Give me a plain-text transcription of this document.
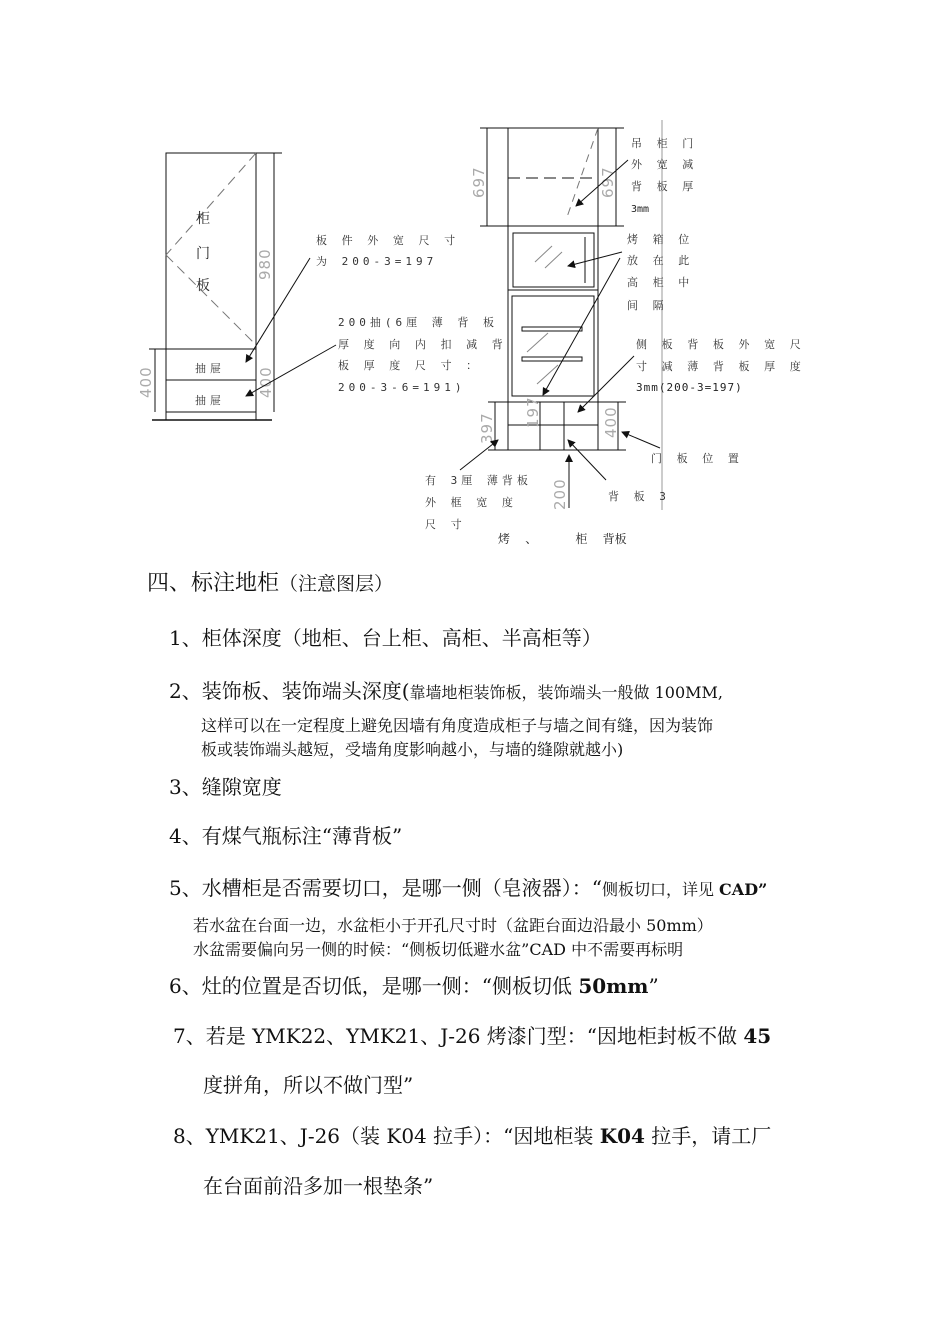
980
400	400
柜
门
板
抽屉
抽屉
板 件 外 宽 尺 寸
为 200-3=197
200抽(6厘 薄 背 板
厚 度 向 内 扣 减 背
板 厚 度 尺 寸 ：
200-3-6=191)
697	697
397
197	400
200
吊 柜 门
外 宽 减
背 板 厚
3mm
烤 箱 位
放 在 此
高 柜 中
间 隔
侧 板 背 板 外 宽 尺
寸 减 薄 背 板 厚 度
3mm(200-3=197)
门 板 位 置
有 3厘 薄背板
外 框 宽 度
尺 寸
背 板 3
烤    、          柜    背板
四、标注地柜（注意图层）
1、柜体深度（地柜、台上柜、高柜、半高柜等）
2、装饰板、装饰端头深度(靠墙地柜装饰板，装饰端头一般做 100MM,
这样可以在一定程度上避免因墙有角度造成柜子与墙之间有缝，因为装饰
板或装饰端头越短，受墙角度影响越小，与墙的缝隙就越小)
3、缝隙宽度
4、有煤气瓶标注“薄背板”
5、水槽柜是否需要切口，是哪一侧（皂液器）：“侧板切口，详见 CAD”
若水盆在台面一边，水盆柜小于开孔尺寸时（盆距台面边沿最小 50mm）
水盆需要偏向另一侧的时候：“侧板切低避水盆”CAD 中不需要再标明
6、灶的位置是否切低，是哪一侧：“侧板切低 50mm”
7、若是 YMK22、YMK21、J-26 烤漆门型：“因地柜封板不做 45
度拼角，所以不做门型”
8、YMK21、J-26（装 K04 拉手）：“因地柜装 K04 拉手，请工厂
在台面前沿多加一根垫条”
